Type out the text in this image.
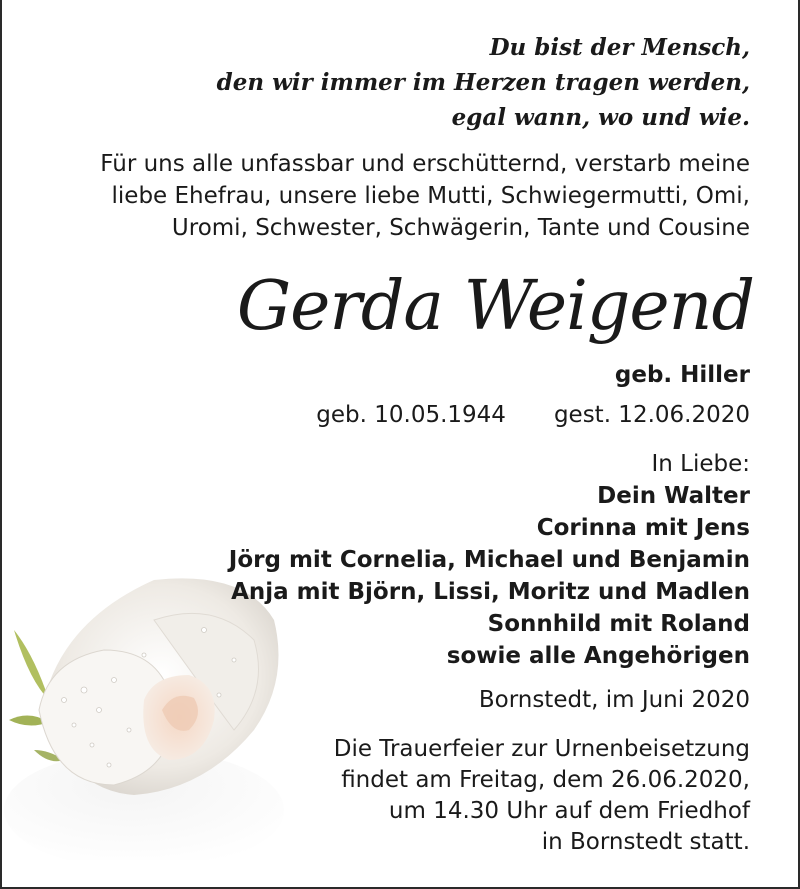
Du bist der Mensch,
den wir immer im Herzen tragen werden,
egal wann, wo und wie.
Für uns alle unfassbar und erschütternd, verstarb meine
liebe Ehefrau, unsere liebe Mutti, Schwiegermutti, Omi,
Uromi, Schwester, Schwägerin, Tante und Cousine
Gerda Weigend
geb. Hiller
geb. 10.05.1944 gest. 12.06.2020
In Liebe:
Dein Walter
Corinna mit Jens
Jörg mit Cornelia, Michael und Benjamin
Anja mit Björn, Lissi, Moritz und Madlen
Sonnhild mit Roland
sowie alle Angehörigen
Bornstedt, im Juni 2020
Die Trauerfeier zur Urnenbeisetzung
findet am Freitag, dem 26.06.2020,
um 14.30 Uhr auf dem Friedhof
in Bornstedt statt.
